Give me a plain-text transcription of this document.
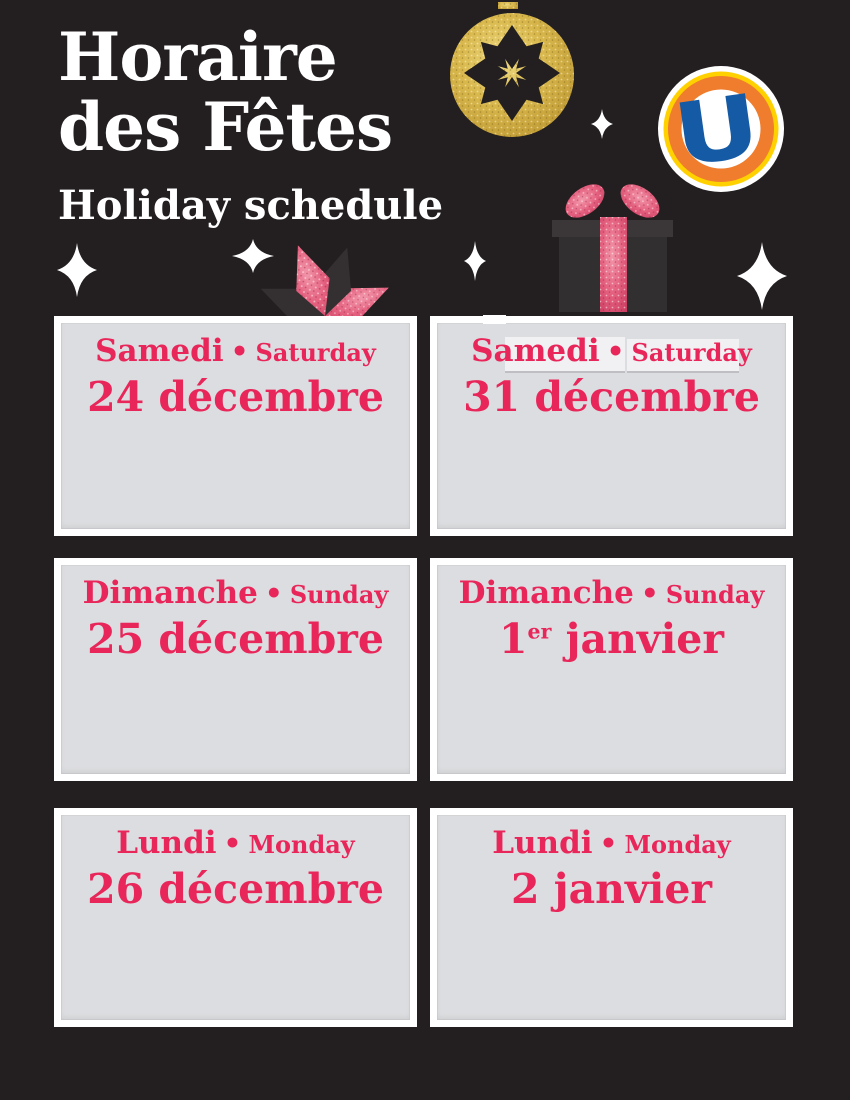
Horaire
des Fêtes
Holiday schedule
U
Samedi • Saturday
24 décembre
Samedi • Saturday
31 décembre
Dimanche • Sunday
25 décembre
Dimanche • Sunday
1er janvier
Lundi • Monday
26 décembre
Lundi • Monday
2 janvier
